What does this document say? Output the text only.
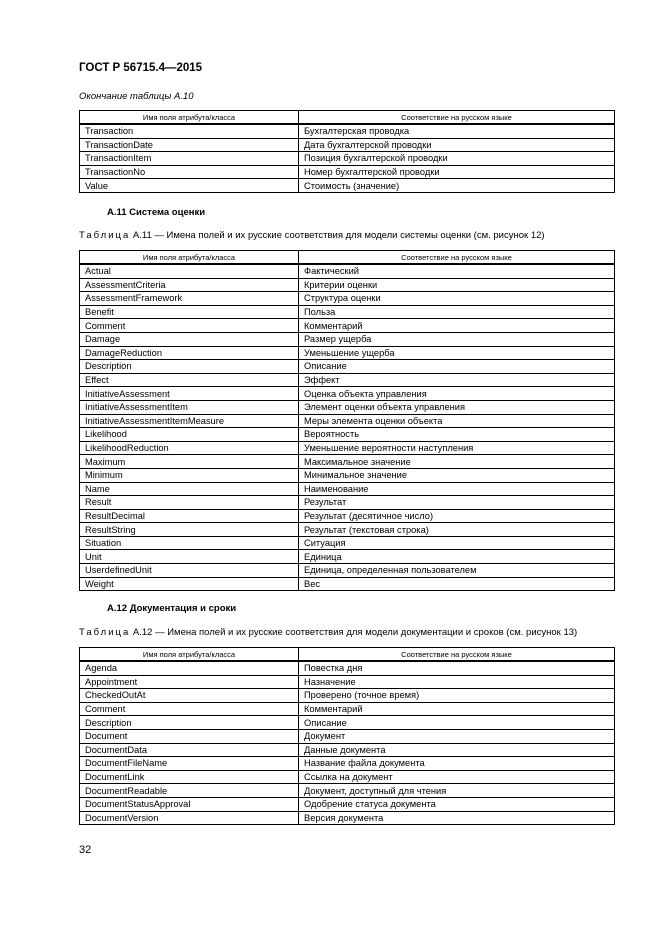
ГОСТ Р 56715.4—2015
Окончание таблицы А.10
Имя поля атрибута/класса	Соответствие на русском языке
Transaction	Бухгалтерская проводка
TransactionDate	Дата бухгалтерской проводки
TransactionItem	Позиция бухгалтерской проводки
TransactionNo	Номер бухгалтерской проводки
Value	Стоимость (значение)
А.11 Система оценки
Таблица А.11 — Имена полей и их русские соответствия для модели системы оценки (см. рисунок 12)
Имя поля атрибута/класса	Соответствие на русском языке
Actual	Фактический
AssessmentCriteria	Критерии оценки
AssessmentFramework	Структура оценки
Benefit	Польза
Comment	Комментарий
Damage	Размер ущерба
DamageReduction	Уменьшение ущерба
Description	Описание
Effect	Эффект
InitiativeAssessment	Оценка объекта управления
InitiativeAssessmentItem	Элемент оценки объекта управления
InitiativeAssessmentItemMeasure	Меры элемента оценки объекта
Likelihood	Вероятность
LikelihoodReduction	Уменьшение вероятности наступления
Maximum	Максимальное значение
Minimum	Минимальное значение
Name	Наименование
Result	Результат
ResultDecimal	Результат (десятичное число)
ResultString	Результат (текстовая строка)
Situation	Ситуация
Unit	Единица
UserdefinedUnit	Единица, определенная пользователем
Weight	Вес
А.12 Документация и сроки
Таблица А.12 — Имена полей и их русские соответствия для модели документации и сроков (см. рисунок 13)
Имя поля атрибута/класса	Соответствие на русском языке
Agenda	Повестка дня
Appointment	Назначение
CheckedOutAt	Проверено (точное время)
Comment	Комментарий
Description	Описание
Document	Документ
DocumentData	Данные документа
DocumentFileName	Название файла документа
DocumentLink	Ссылка на документ
DocumentReadable	Документ, доступный для чтения
DocumentStatusApproval	Одобрение статуса документа
DocumentVersion	Версия документа
32
